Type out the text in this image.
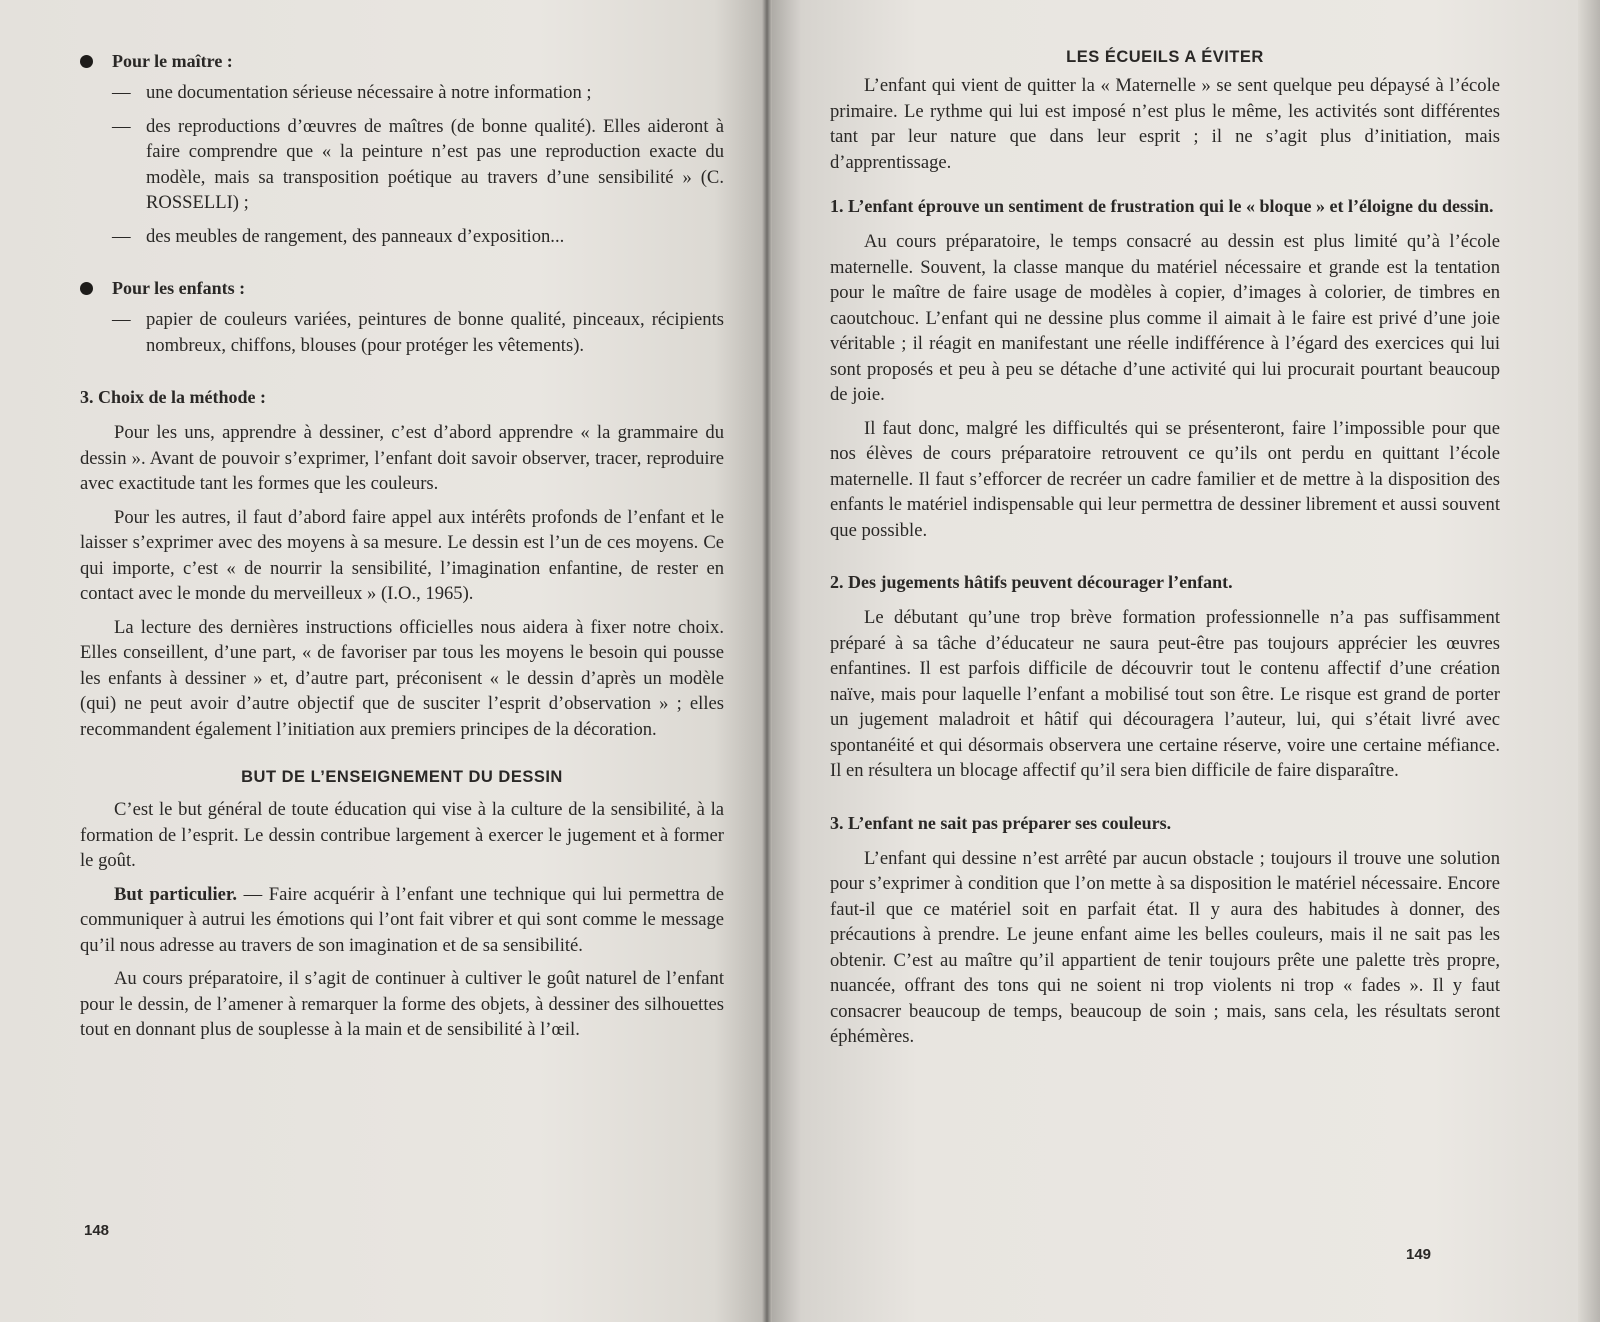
Pour le maître :
— une documentation sérieuse nécessaire à notre information ;
— des reproductions d’œuvres de maîtres (de bonne qualité). Elles aideront à faire comprendre que « la peinture n’est pas une reproduction exacte du modèle, mais sa transposition poétique au travers d’une sensibilité » (C. ROSSELLI) ;
— des meubles de rangement, des panneaux d’exposition...
Pour les enfants :
— papier de couleurs variées, peintures de bonne qualité, pinceaux, récipients nombreux, chiffons, blouses (pour protéger les vêtements).
3. Choix de la méthode :

Pour les uns, apprendre à dessiner, c’est d’abord apprendre « la grammaire du dessin ». Avant de pouvoir s’exprimer, l’enfant doit savoir observer, tracer, reproduire avec exactitude tant les formes que les couleurs.

Pour les autres, il faut d’abord faire appel aux intérêts profonds de l’enfant et le laisser s’exprimer avec des moyens à sa mesure. Le dessin est l’un de ces moyens. Ce qui importe, c’est « de nourrir la sensibilité, l’imagination enfantine, de rester en contact avec le monde du merveilleux » (I.O., 1965).

La lecture des dernières instructions officielles nous aidera à fixer notre choix. Elles conseillent, d’une part, « de favoriser par tous les moyens le besoin qui pousse les enfants à dessiner » et, d’autre part, préconisent « le dessin d’après un modèle (qui) ne peut avoir d’autre objectif que de susciter l’esprit d’observation » ; elles recommandent également l’initiation aux premiers principes de la décoration.

BUT DE L’ENSEIGNEMENT DU DESSIN

C’est le but général de toute éducation qui vise à la culture de la sensibilité, à la formation de l’esprit. Le dessin contribue largement à exercer le jugement et à former le goût.

But particulier. — Faire acquérir à l’enfant une technique qui lui permettra de communiquer à autrui les émotions qui l’ont fait vibrer et qui sont comme le message qu’il nous adresse au travers de son imagination et de sa sensibilité.

Au cours préparatoire, il s’agit de continuer à cultiver le goût naturel de l’enfant pour le dessin, de l’amener à remarquer la forme des objets, à dessiner des silhouettes tout en donnant plus de souplesse à la main et de sensibilité à l’œil.

148
LES ÉCUEILS A ÉVITER

L’enfant qui vient de quitter la « Maternelle » se sent quelque peu dépaysé à l’école primaire. Le rythme qui lui est imposé n’est plus le même, les activités sont différentes tant par leur nature que dans leur esprit ; il ne s’agit plus d’initiation, mais d’apprentissage.

1. L’enfant éprouve un sentiment de frustration qui le « bloque » et l’éloigne du dessin.

Au cours préparatoire, le temps consacré au dessin est plus limité qu’à l’école maternelle. Souvent, la classe manque du matériel nécessaire et grande est la tentation pour le maître de faire usage de modèles à copier, d’images à colorier, de timbres en caoutchouc. L’enfant qui ne dessine plus comme il aimait à le faire est privé d’une joie véritable ; il réagit en manifestant une réelle indifférence à l’égard des exercices qui lui sont proposés et peu à peu se détache d’une activité qui lui procurait pourtant beaucoup de joie.

Il faut donc, malgré les difficultés qui se présenteront, faire l’impossible pour que nos élèves de cours préparatoire retrouvent ce qu’ils ont perdu en quittant l’école maternelle. Il faut s’efforcer de recréer un cadre familier et de mettre à la disposition des enfants le matériel indispensable qui leur permettra de dessiner librement et aussi souvent que possible.

2. Des jugements hâtifs peuvent décourager l’enfant.

Le débutant qu’une trop brève formation professionnelle n’a pas suffisamment préparé à sa tâche d’éducateur ne saura peut-être pas toujours apprécier les œuvres enfantines. Il est parfois difficile de découvrir tout le contenu affectif d’une création naïve, mais pour laquelle l’enfant a mobilisé tout son être. Le risque est grand de porter un jugement maladroit et hâtif qui découragera l’auteur, lui, qui s’était livré avec spontanéité et qui désormais observera une certaine réserve, voire une certaine méfiance. Il en résultera un blocage affectif qu’il sera bien difficile de faire disparaître.

3. L’enfant ne sait pas préparer ses couleurs.

L’enfant qui dessine n’est arrêté par aucun obstacle ; toujours il trouve une solution pour s’exprimer à condition que l’on mette à sa disposition le matériel nécessaire. Encore faut-il que ce matériel soit en parfait état. Il y aura des habitudes à donner, des précautions à prendre. Le jeune enfant aime les belles couleurs, mais il ne sait pas les obtenir. C’est au maître qu’il appartient de tenir toujours prête une palette très propre, nuancée, offrant des tons qui ne soient ni trop violents ni trop « fades ». Il y faut consacrer beaucoup de temps, beaucoup de soin ; mais, sans cela, les résultats seront éphémères.

149
